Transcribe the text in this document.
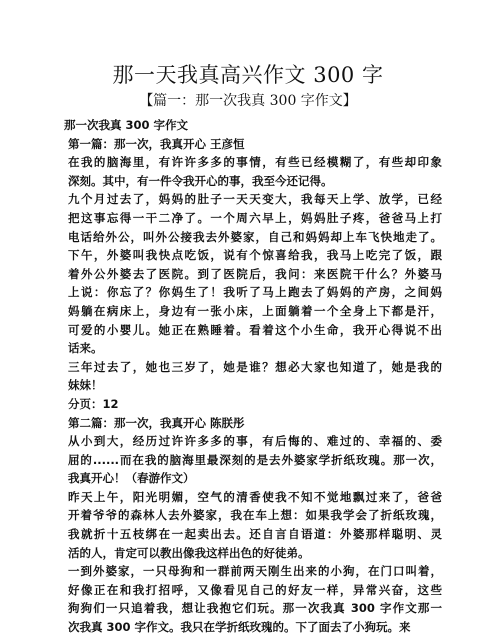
那一天我真高兴作文 300 字
【篇一：那一次我真 300 字作文】

那一次我真 300 字作文

第一篇：那一次，我真开心 王彦恒

在我的脑海里，有许许多多的事情，有些已经模糊了，有些却印象
深刻。其中，有一件令我开心的事，我至今还记得。

九个月过去了，妈妈的肚子一天天变大，我每天上学、放学，已经
把这事忘得一干二净了。一个周六早上，妈妈肚子疼，爸爸马上打
电话给外公，叫外公接我去外婆家，自己和妈妈却上车飞快地走了。
下午，外婆叫我快点吃饭，说有个惊喜给我，我马上吃完了饭，跟
着外公外婆去了医院。到了医院后，我问：来医院干什么？外婆马
上说：你忘了？你妈生了！我听了马上跑去了妈妈的产房，之间妈
妈躺在病床上，身边有一张小床，上面躺着一个全身上下都是汗，
可爱的小婴儿。她正在熟睡着。看着这个小生命，我开心得说不出
话来。

三年过去了，她也三岁了，她是谁？想必大家也知道了，她是我的
妹妹！

分页：12

第二篇：那一次，我真开心 陈朕彤

从小到大，经历过许许多多的事，有后悔的、难过的、幸福的、委
屈的......而在我的脑海里最深刻的是去外婆家学折纸玫瑰。那一次，
我真开心！（春游作文）

昨天上午，阳光明媚，空气的清香使我不知不觉地飘过来了，爸爸
开着爷爷的森林人去外婆家，我在车上想：如果我学会了折纸玫瑰，
我就折十五枝绑在一起卖出去。还自言自语道：外婆那样聪明、灵
活的人，肯定可以教出像我这样出色的好徒弟。

一到外婆家，一只母狗和一群前两天刚生出来的小狗，在门口叫着，
好像正在和我打招呼，又像看见自己的好友一样，异常兴奋，这些
狗狗们一只追着我，想让我抱它们玩。那一次我真 300 字作文那一
次我真 300 字作文。我只在学折纸玫瑰的。下了面去了小狗玩。来
